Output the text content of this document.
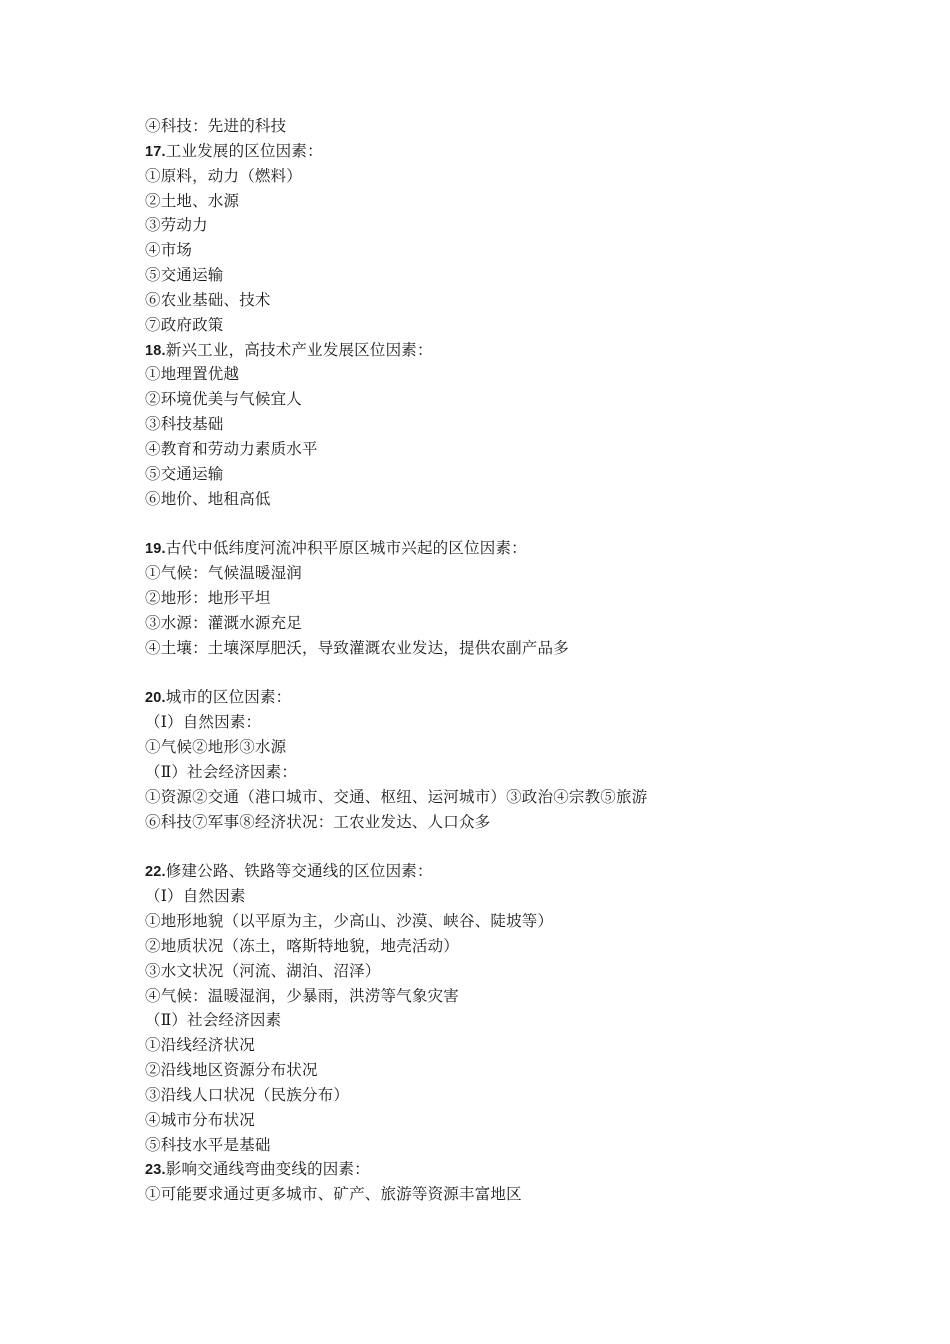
④科技：先进的科技
17.工业发展的区位因素：
①原料，动力（燃料）
②土地、水源
③劳动力
④市场
⑤交通运输
⑥农业基础、技术
⑦政府政策
18.新兴工业，高技术产业发展区位因素：
①地理置优越
②环境优美与气候宜人
③科技基础
④教育和劳动力素质水平
⑤交通运输
⑥地价、地租高低
19.古代中低纬度河流冲积平原区城市兴起的区位因素：
①气候：气候温暖湿润
②地形：地形平坦
③水源：灌溉水源充足
④土壤：土壤深厚肥沃，导致灌溉农业发达，提供农副产品多
20.城市的区位因素：
（Ⅰ）自然因素：
①气候②地形③水源
（Ⅱ）社会经济因素：
①资源②交通（港口城市、交通、枢纽、运河城市）③政治④宗教⑤旅游
⑥科技⑦军事⑧经济状况：工农业发达、人口众多
22.修建公路、铁路等交通线的区位因素：
（Ⅰ）自然因素
①地形地貌（以平原为主，少高山、沙漠、峡谷、陡坡等）
②地质状况（冻土，喀斯特地貌，地壳活动）
③水文状况（河流、湖泊、沼泽）
④气候：温暖湿润，少暴雨，洪涝等气象灾害
（Ⅱ）社会经济因素
①沿线经济状况
②沿线地区资源分布状况
③沿线人口状况（民族分布）
④城市分布状况
⑤科技水平是基础
23.影响交通线弯曲变线的因素：
①可能要求通过更多城市、矿产、旅游等资源丰富地区
